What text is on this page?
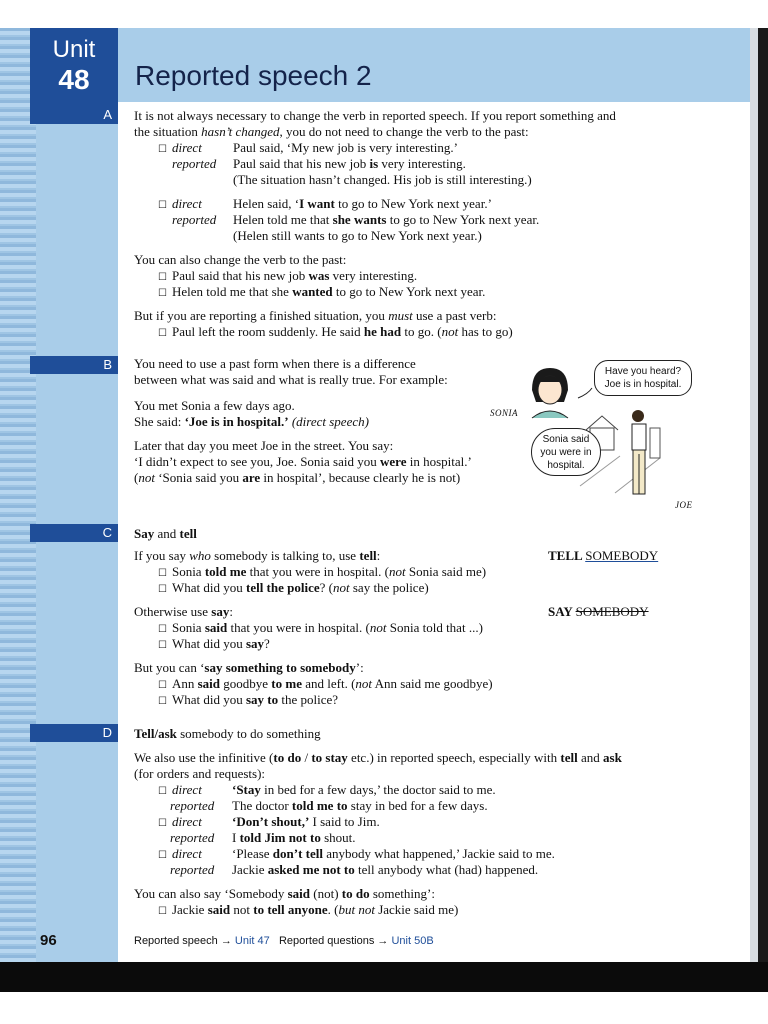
Unit
48	Reported speech 2
A	It is not always necessary to change the verb in reported speech. If you report something and
the situation hasn’t changed, you do not need to change the verb to the past:
☐ direct Paul said, ‘My new job is very interesting.’
reported Paul said that his new job is very interesting.
(The situation hasn’t changed. His job is still interesting.)
☐ direct Helen said, ‘I want to go to New York next year.’
reported Helen told me that she wants to go to New York next year.
(Helen still wants to go to New York next year.)
You can also change the verb to the past:
☐ Paul said that his new job was very interesting.
☐ Helen told me that she wanted to go to New York next year.
But if you are reporting a finished situation, you must use a past verb:
☐ Paul left the room suddenly. He said he had to go. (not has to go)
B	You need to use a past form when there is a difference
between what was said and what is really true. For example:
You met Sonia a few days ago.
She said: ‘Joe is in hospital.’ (direct speech)
Later that day you meet Joe in the street. You say:
‘I didn’t expect to see you, Joe. Sonia said you were in hospital.’
(not ‘Sonia said you are in hospital’, because clearly he is not)
Have you heard? Joe is in hospital.
Sonia said you were in hospital.
SONIA
JOE
C	Say and tell
If you say who somebody is talking to, use tell:
☐ Sonia told me that you were in hospital. (not Sonia said me)
☐ What did you tell the police? (not say the police)
Otherwise use say:
☐ Sonia said that you were in hospital. (not Sonia told that ...)
☐ What did you say?
But you can ‘say something to somebody’:
☐ Ann said goodbye to me and left. (not Ann said me goodbye)
☐ What did you say to the police?
TELL SOMEBODY
SAY SOMEBODY
D	Tell/ask somebody to do something
We also use the infinitive (to do / to stay etc.) in reported speech, especially with tell and ask
(for orders and requests):
☐ direct ‘Stay in bed for a few days,’ the doctor said to me.
reported The doctor told me to stay in bed for a few days.
☐ direct ‘Don’t shout,’ I said to Jim.
reported I told Jim not to shout.
☐ direct ‘Please don’t tell anybody what happened,’ Jackie said to me.
reported Jackie asked me not to tell anybody what (had) happened.
You can also say ‘Somebody said (not) to do something’:
☐ Jackie said not to tell anyone. (but not Jackie said me)
96	Reported speech → Unit 47 Reported questions → Unit 50B
